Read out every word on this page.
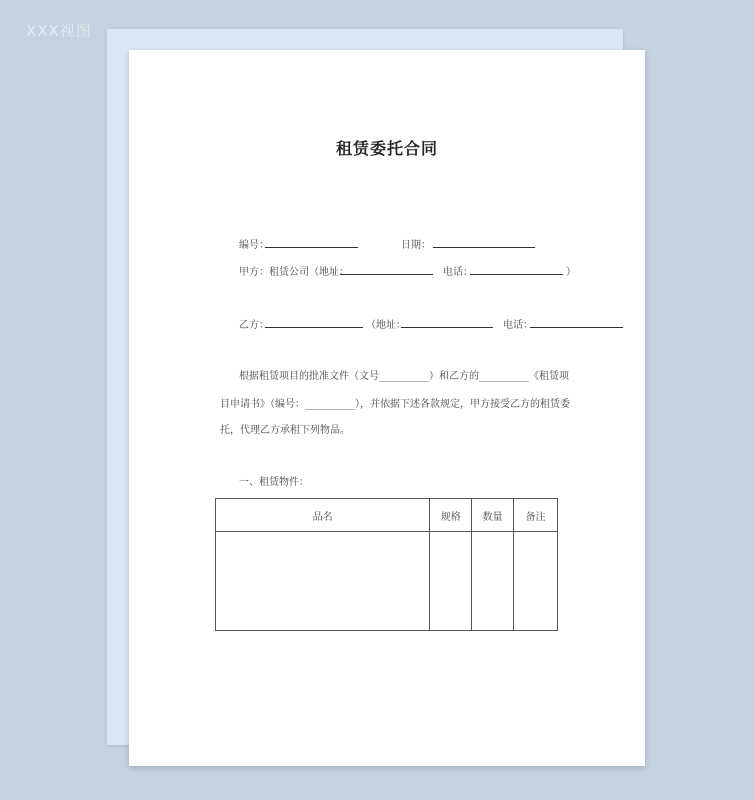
XXX视图
租赁委托合同
编号：	日期：
甲方：租赁公司（地址：	电话：	）
乙方：	（地址：	电话：
根据租赁项目的批准文件（文号__________）和乙方的__________《租赁项
目申请书》（编号：__________），并依据下述各款规定，甲方接受乙方的租赁委
托，代理乙方承租下列物品。
一、租赁物件：
品名	规格	数量	备注
